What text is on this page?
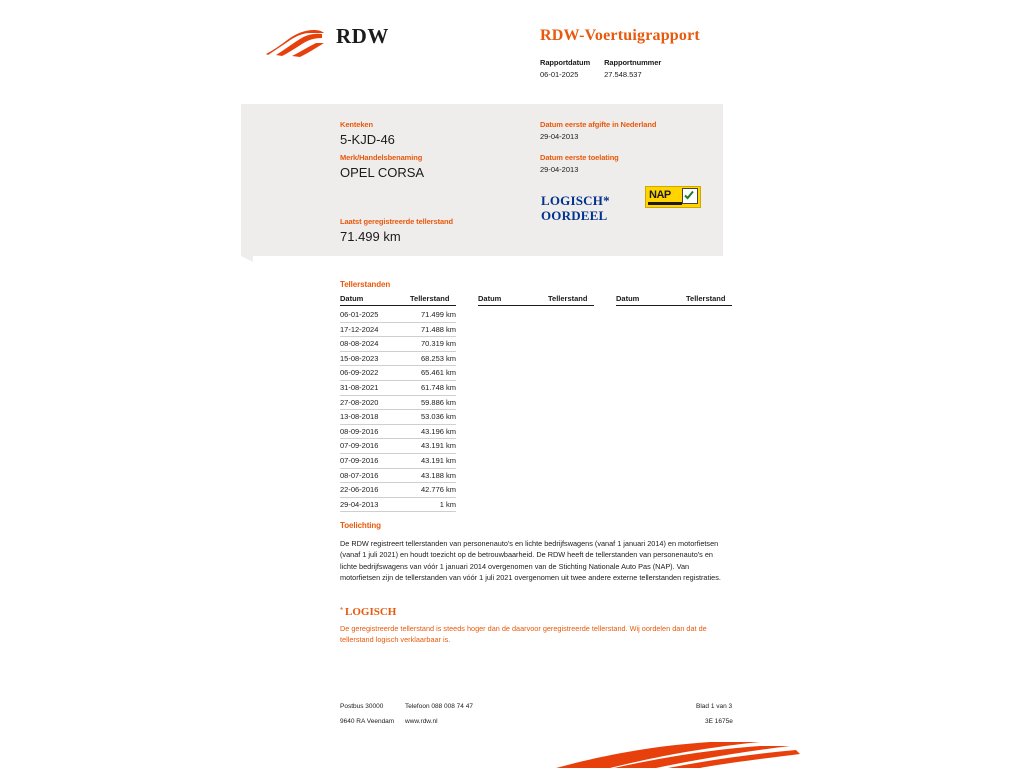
RDW	RDW-Voertuigrapport
Rapportdatum
06-01-2025

Rapportnummer
27.548.537
Kenteken
5-KJD-46
Merk/Handelsbenaming
OPEL CORSA
Laatst geregistreerde tellerstand
71.499 km
Datum eerste afgifte in Nederland
29-04-2013
Datum eerste toelating
29-04-2013
LOGISCH*
OORDEEL
NAP
Tellerstanden
Datum	Tellerstand	Datum	Tellerstand	Datum	Tellerstand
06-01-2025	71.499 km
17-12-2024	71.488 km
08-08-2024	70.319 km
15-08-2023	68.253 km
06-09-2022	65.461 km
31-08-2021	61.748 km
27-08-2020	59.886 km
13-08-2018	53.036 km
08-09-2016	43.196 km
07-09-2016	43.191 km
07-09-2016	43.191 km
08-07-2016	43.188 km
22-06-2016	42.776 km
29-04-2013	1 km
Toelichting
De RDW registreert tellerstanden van personenauto's en lichte bedrijfswagens (vanaf 1 januari 2014) en motorfietsen (vanaf 1 juli 2021) en houdt toezicht op de betrouwbaarheid. De RDW heeft de tellerstanden van personenauto's en lichte bedrijfswagens van vóór 1 januari 2014 overgenomen van de Stichting Nationale Auto Pas (NAP). Van motorfietsen zijn de tellerstanden van vóór 1 juli 2021 overgenomen uit twee andere externe tellerstanden registraties.
* LOGISCH
De geregistreerde tellerstand is steeds hoger dan de daarvoor geregistreerde tellerstand. Wij oordelen dan dat de tellerstand logisch verklaarbaar is.
Postbus 30000
9640 RA Veendam
Telefoon 088 008 74 47
www.rdw.nl
Blad 1 van 3
3E 1675e
